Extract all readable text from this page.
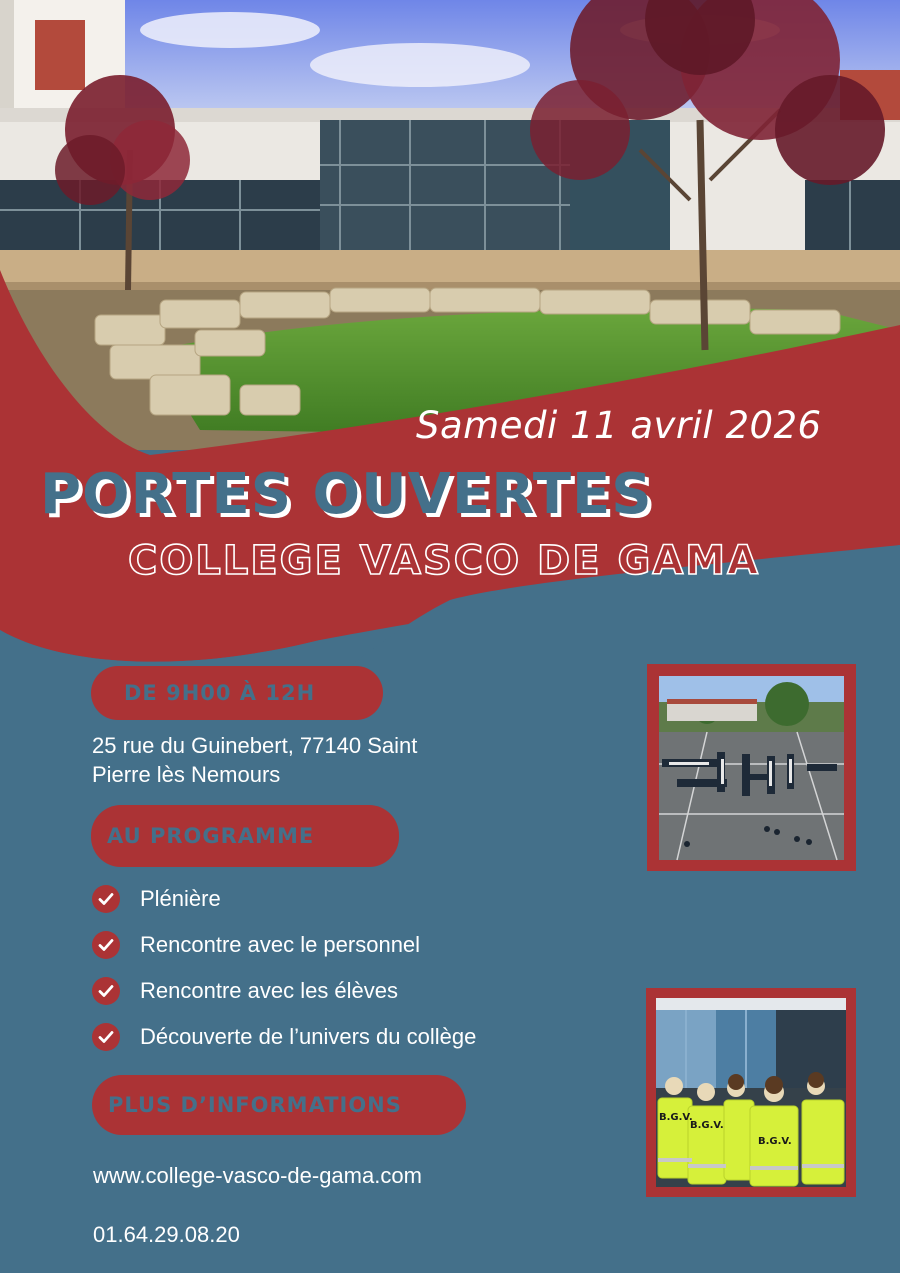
Samedi 11 avril 2026
PORTES OUVERTES
COLLEGE VASCO DE GAMA
DE 9H00 À 12H
25 rue du Guinebert, 77140 Saint
Pierre lès Nemours
AU PROGRAMME
Plénière
Rencontre avec le personnel
Rencontre avec les élèves
Découverte de l’univers du collège
PLUS D’INFORMATIONS
www.college-vasco-de-gama.com
01.64.29.08.20
B.G.V.
B.G.V.
B.G.V.
